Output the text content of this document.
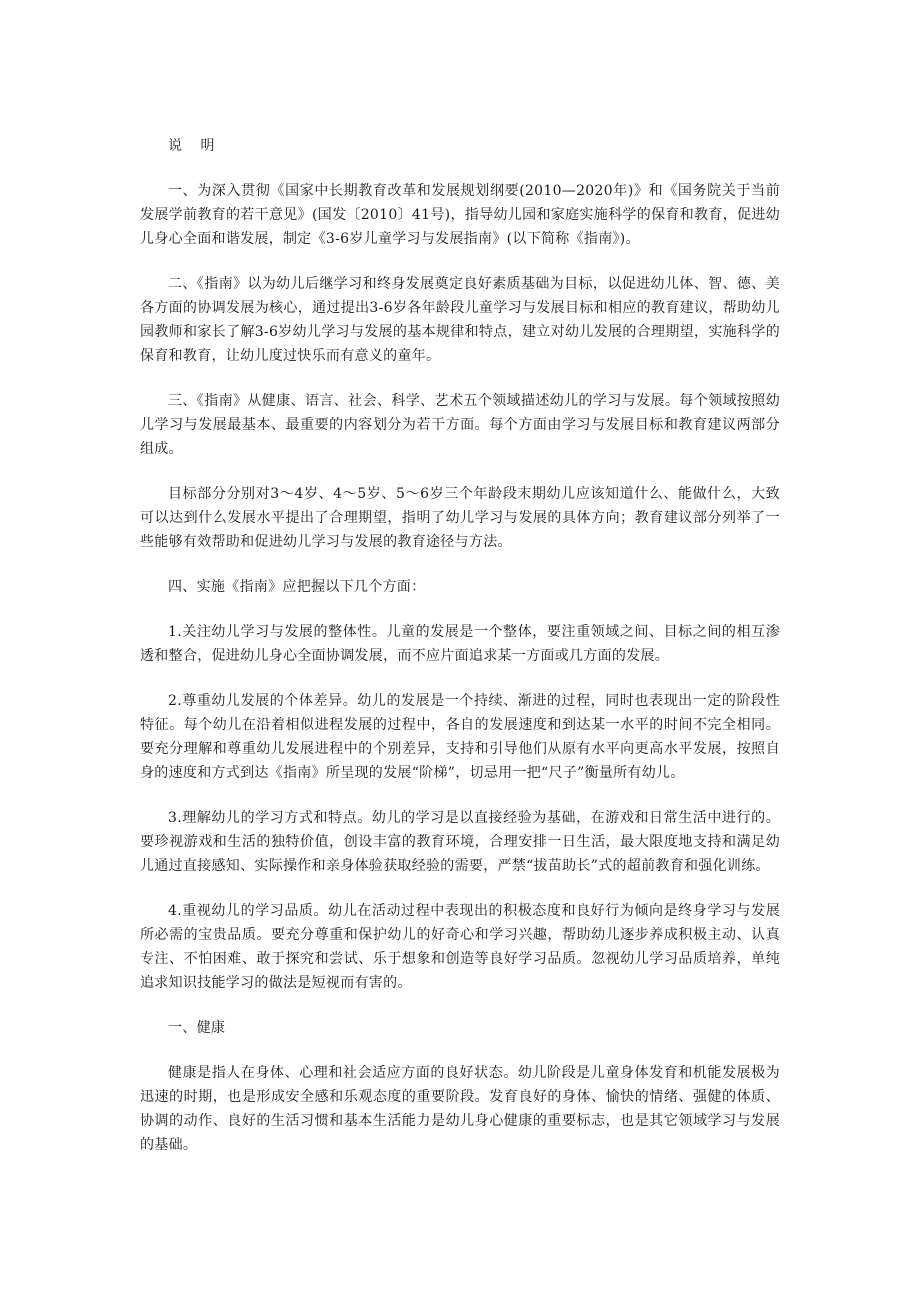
说 明

一、为深入贯彻《国家中长期教育改革和发展规划纲要(2010—2020年)》和《国务院关于当前发展学前教育的若干意见》(国发〔2010〕41号)，指导幼儿园和家庭实施科学的保育和教育，促进幼儿身心全面和谐发展，制定《3-6岁儿童学习与发展指南》(以下简称《指南》)。

二、《指南》以为幼儿后继学习和终身发展奠定良好素质基础为目标，以促进幼儿体、智、德、美各方面的协调发展为核心，通过提出3-6岁各年龄段儿童学习与发展目标和相应的教育建议，帮助幼儿园教师和家长了解3-6岁幼儿学习与发展的基本规律和特点，建立对幼儿发展的合理期望，实施科学的保育和教育，让幼儿度过快乐而有意义的童年。

三、《指南》从健康、语言、社会、科学、艺术五个领域描述幼儿的学习与发展。每个领域按照幼儿学习与发展最基本、最重要的内容划分为若干方面。每个方面由学习与发展目标和教育建议两部分组成。

目标部分分别对3～4岁、4～5岁、5～6岁三个年龄段末期幼儿应该知道什么、能做什么，大致可以达到什么发展水平提出了合理期望，指明了幼儿学习与发展的具体方向；教育建议部分列举了一些能够有效帮助和促进幼儿学习与发展的教育途径与方法。

四、实施《指南》应把握以下几个方面：

1.关注幼儿学习与发展的整体性。儿童的发展是一个整体，要注重领域之间、目标之间的相互渗透和整合，促进幼儿身心全面协调发展，而不应片面追求某一方面或几方面的发展。

2.尊重幼儿发展的个体差异。幼儿的发展是一个持续、渐进的过程，同时也表现出一定的阶段性特征。每个幼儿在沿着相似进程发展的过程中，各自的发展速度和到达某一水平的时间不完全相同。要充分理解和尊重幼儿发展进程中的个别差异，支持和引导他们从原有水平向更高水平发展，按照自身的速度和方式到达《指南》所呈现的发展“阶梯”，切忌用一把“尺子”衡量所有幼儿。

3.理解幼儿的学习方式和特点。幼儿的学习是以直接经验为基础，在游戏和日常生活中进行的。要珍视游戏和生活的独特价值，创设丰富的教育环境，合理安排一日生活，最大限度地支持和满足幼儿通过直接感知、实际操作和亲身体验获取经验的需要，严禁“拔苗助长”式的超前教育和强化训练。

4.重视幼儿的学习品质。幼儿在活动过程中表现出的积极态度和良好行为倾向是终身学习与发展所必需的宝贵品质。要充分尊重和保护幼儿的好奇心和学习兴趣，帮助幼儿逐步养成积极主动、认真专注、不怕困难、敢于探究和尝试、乐于想象和创造等良好学习品质。忽视幼儿学习品质培养，单纯追求知识技能学习的做法是短视而有害的。

一、健康

健康是指人在身体、心理和社会适应方面的良好状态。幼儿阶段是儿童身体发育和机能发展极为迅速的时期，也是形成安全感和乐观态度的重要阶段。发育良好的身体、愉快的情绪、强健的体质、协调的动作、良好的生活习惯和基本生活能力是幼儿身心健康的重要标志，也是其它领域学习与发展的基础。
